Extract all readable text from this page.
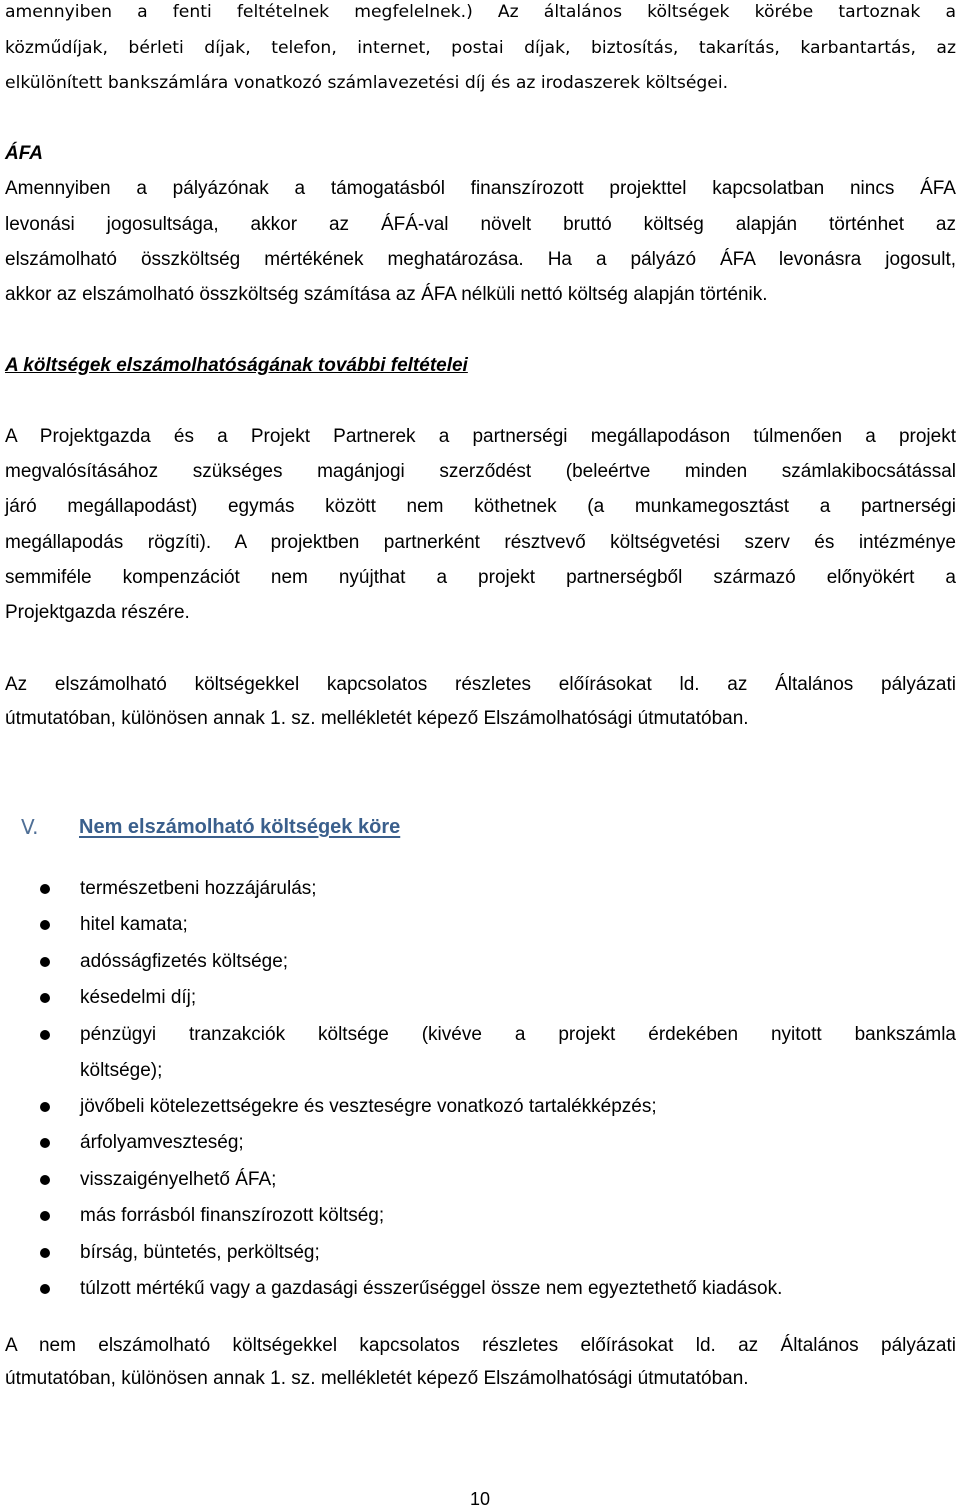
amennyiben a fenti feltételnek megfelelnek.) Az általános költségek körébe tartoznak a
közműdíjak, bérleti díjak, telefon, internet, postai díjak, biztosítás, takarítás, karbantartás, az
elkülönített bankszámlára vonatkozó számlavezetési díj és az irodaszerek költségei.
ÁFA
Amennyiben a pályázónak a támogatásból finanszírozott projekttel kapcsolatban nincs ÁFA
levonási jogosultsága, akkor az ÁFÁ-val növelt bruttó költség alapján történhet az
elszámolható összköltség mértékének meghatározása. Ha a pályázó ÁFA levonásra jogosult,
akkor az elszámolható összköltség számítása az ÁFA nélküli nettó költség alapján történik.
A költségek elszámolhatóságának további feltételei
A Projektgazda és a Projekt Partnerek a partnerségi megállapodáson túlmenően a projekt
megvalósításához szükséges magánjogi szerződést (beleértve minden számlakibocsátással
járó megállapodást) egymás között nem köthetnek (a munkamegosztást a partnerségi
megállapodás rögzíti). A projektben partnerként résztvevő költségvetési szerv és intézménye
semmiféle kompenzációt nem nyújthat a projekt partnerségből származó előnyökért a
Projektgazda részére.
Az elszámolható költségekkel kapcsolatos részletes előírásokat ld. az Általános pályázati
útmutatóban, különösen annak 1. sz. mellékletét képező Elszámolhatósági útmutatóban.
V. Nem elszámolható költségek köre
természetbeni hozzájárulás;
hitel kamata;
adósságfizetés költsége;
késedelmi díj;
pénzügyi tranzakciók költsége (kivéve a projekt érdekében nyitott bankszámla
költsége);
jövőbeli kötelezettségekre és veszteségre vonatkozó tartalékképzés;
árfolyamveszteség;
visszaigényelhető ÁFA;
más forrásból finanszírozott költség;
bírság, büntetés, perköltség;
túlzott mértékű vagy a gazdasági ésszerűséggel össze nem egyeztethető kiadások.
A nem elszámolható költségekkel kapcsolatos részletes előírásokat ld. az Általános pályázati
útmutatóban, különösen annak 1. sz. mellékletét képező Elszámolhatósági útmutatóban.
10
